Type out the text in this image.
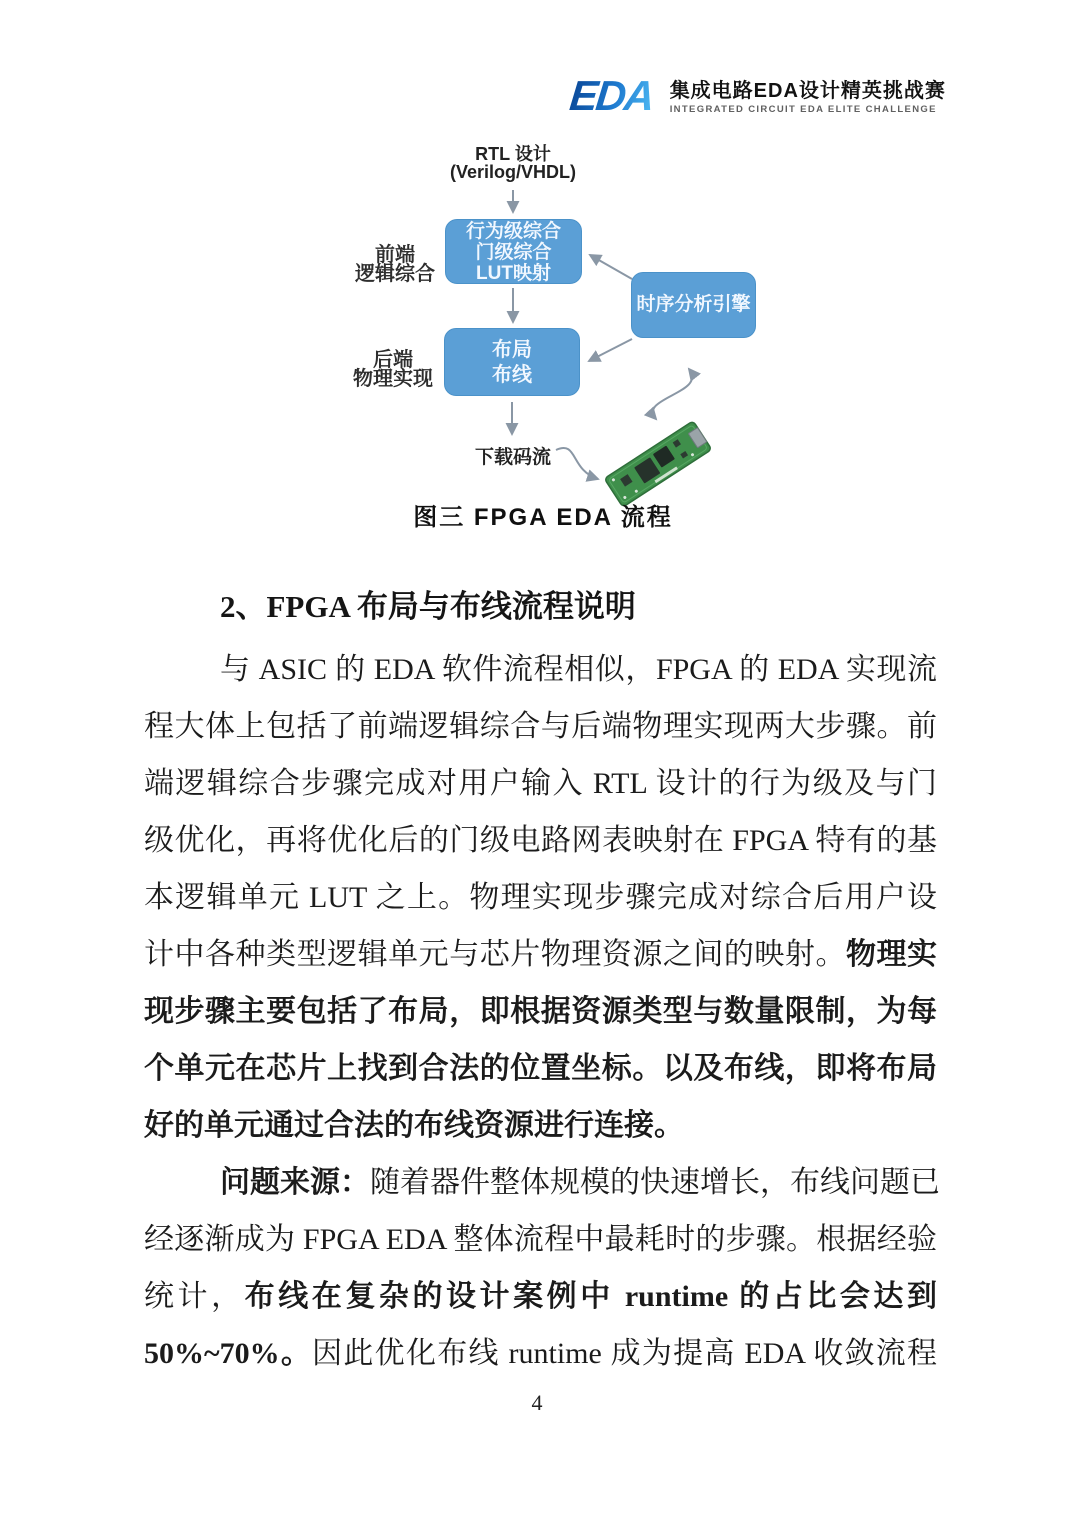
EDA 集成电路EDA设计精英挑战赛
INTEGRATED CIRCUIT EDA ELITE CHALLENGE
RTL 设计
(Verilog/VHDL)
前端
逻辑综合
行为级综合
门级综合
LUT映射
后端
物理实现
布局
布线
时序分析引擎
下载码流
图三 FPGA EDA 流程
2、FPGA 布局与布线流程说明
与 ASIC 的 EDA 软件流程相似，FPGA 的 EDA 实现流
程大体上包括了前端逻辑综合与后端物理实现两大步骤。前
端逻辑综合步骤完成对用户输入 RTL 设计的行为级及与门
级优化，再将优化后的门级电路网表映射在 FPGA 特有的基
本逻辑单元 LUT 之上。物理实现步骤完成对综合后用户设
计中各种类型逻辑单元与芯片物理资源之间的映射。物理实
现步骤主要包括了布局，即根据资源类型与数量限制，为每
个单元在芯片上找到合法的位置坐标。以及布线，即将布局
好的单元通过合法的布线资源进行连接。
问题来源：随着器件整体规模的快速增长，布线问题已
经逐渐成为 FPGA EDA 整体流程中最耗时的步骤。根据经验
统计，布线在复杂的设计案例中 runtime 的占比会达到
50%~70%。因此优化布线 runtime 成为提高 EDA 收敛流程
4
